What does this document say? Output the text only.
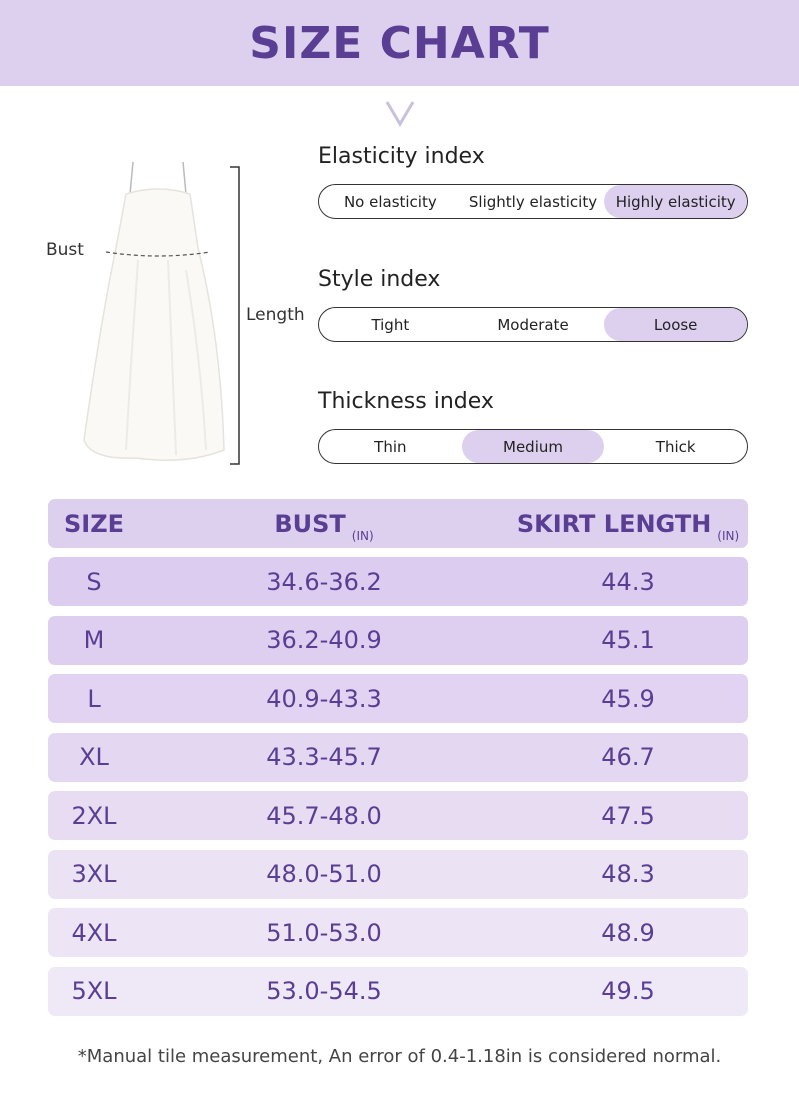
SIZE CHART
Bust
Length
Elasticity index
No elasticity	Slightly elasticity	Highly elasticity
Style index
Tight	Moderate	Loose
Thickness index
Thin	Medium	Thick
SIZE	BUST $_{(IN)}$	SKIRT LENGTH $_{(IN)}$
S	34.6-36.2	44.3
M	36.2-40.9	45.1
L	40.9-43.3	45.9
XL	43.3-45.7	46.7
2XL	45.7-48.0	47.5
3XL	48.0-51.0	48.3
4XL	51.0-53.0	48.9
5XL	53.0-54.5	49.5
*Manual tile measurement, An error of 0.4-1.18in is considered normal.
